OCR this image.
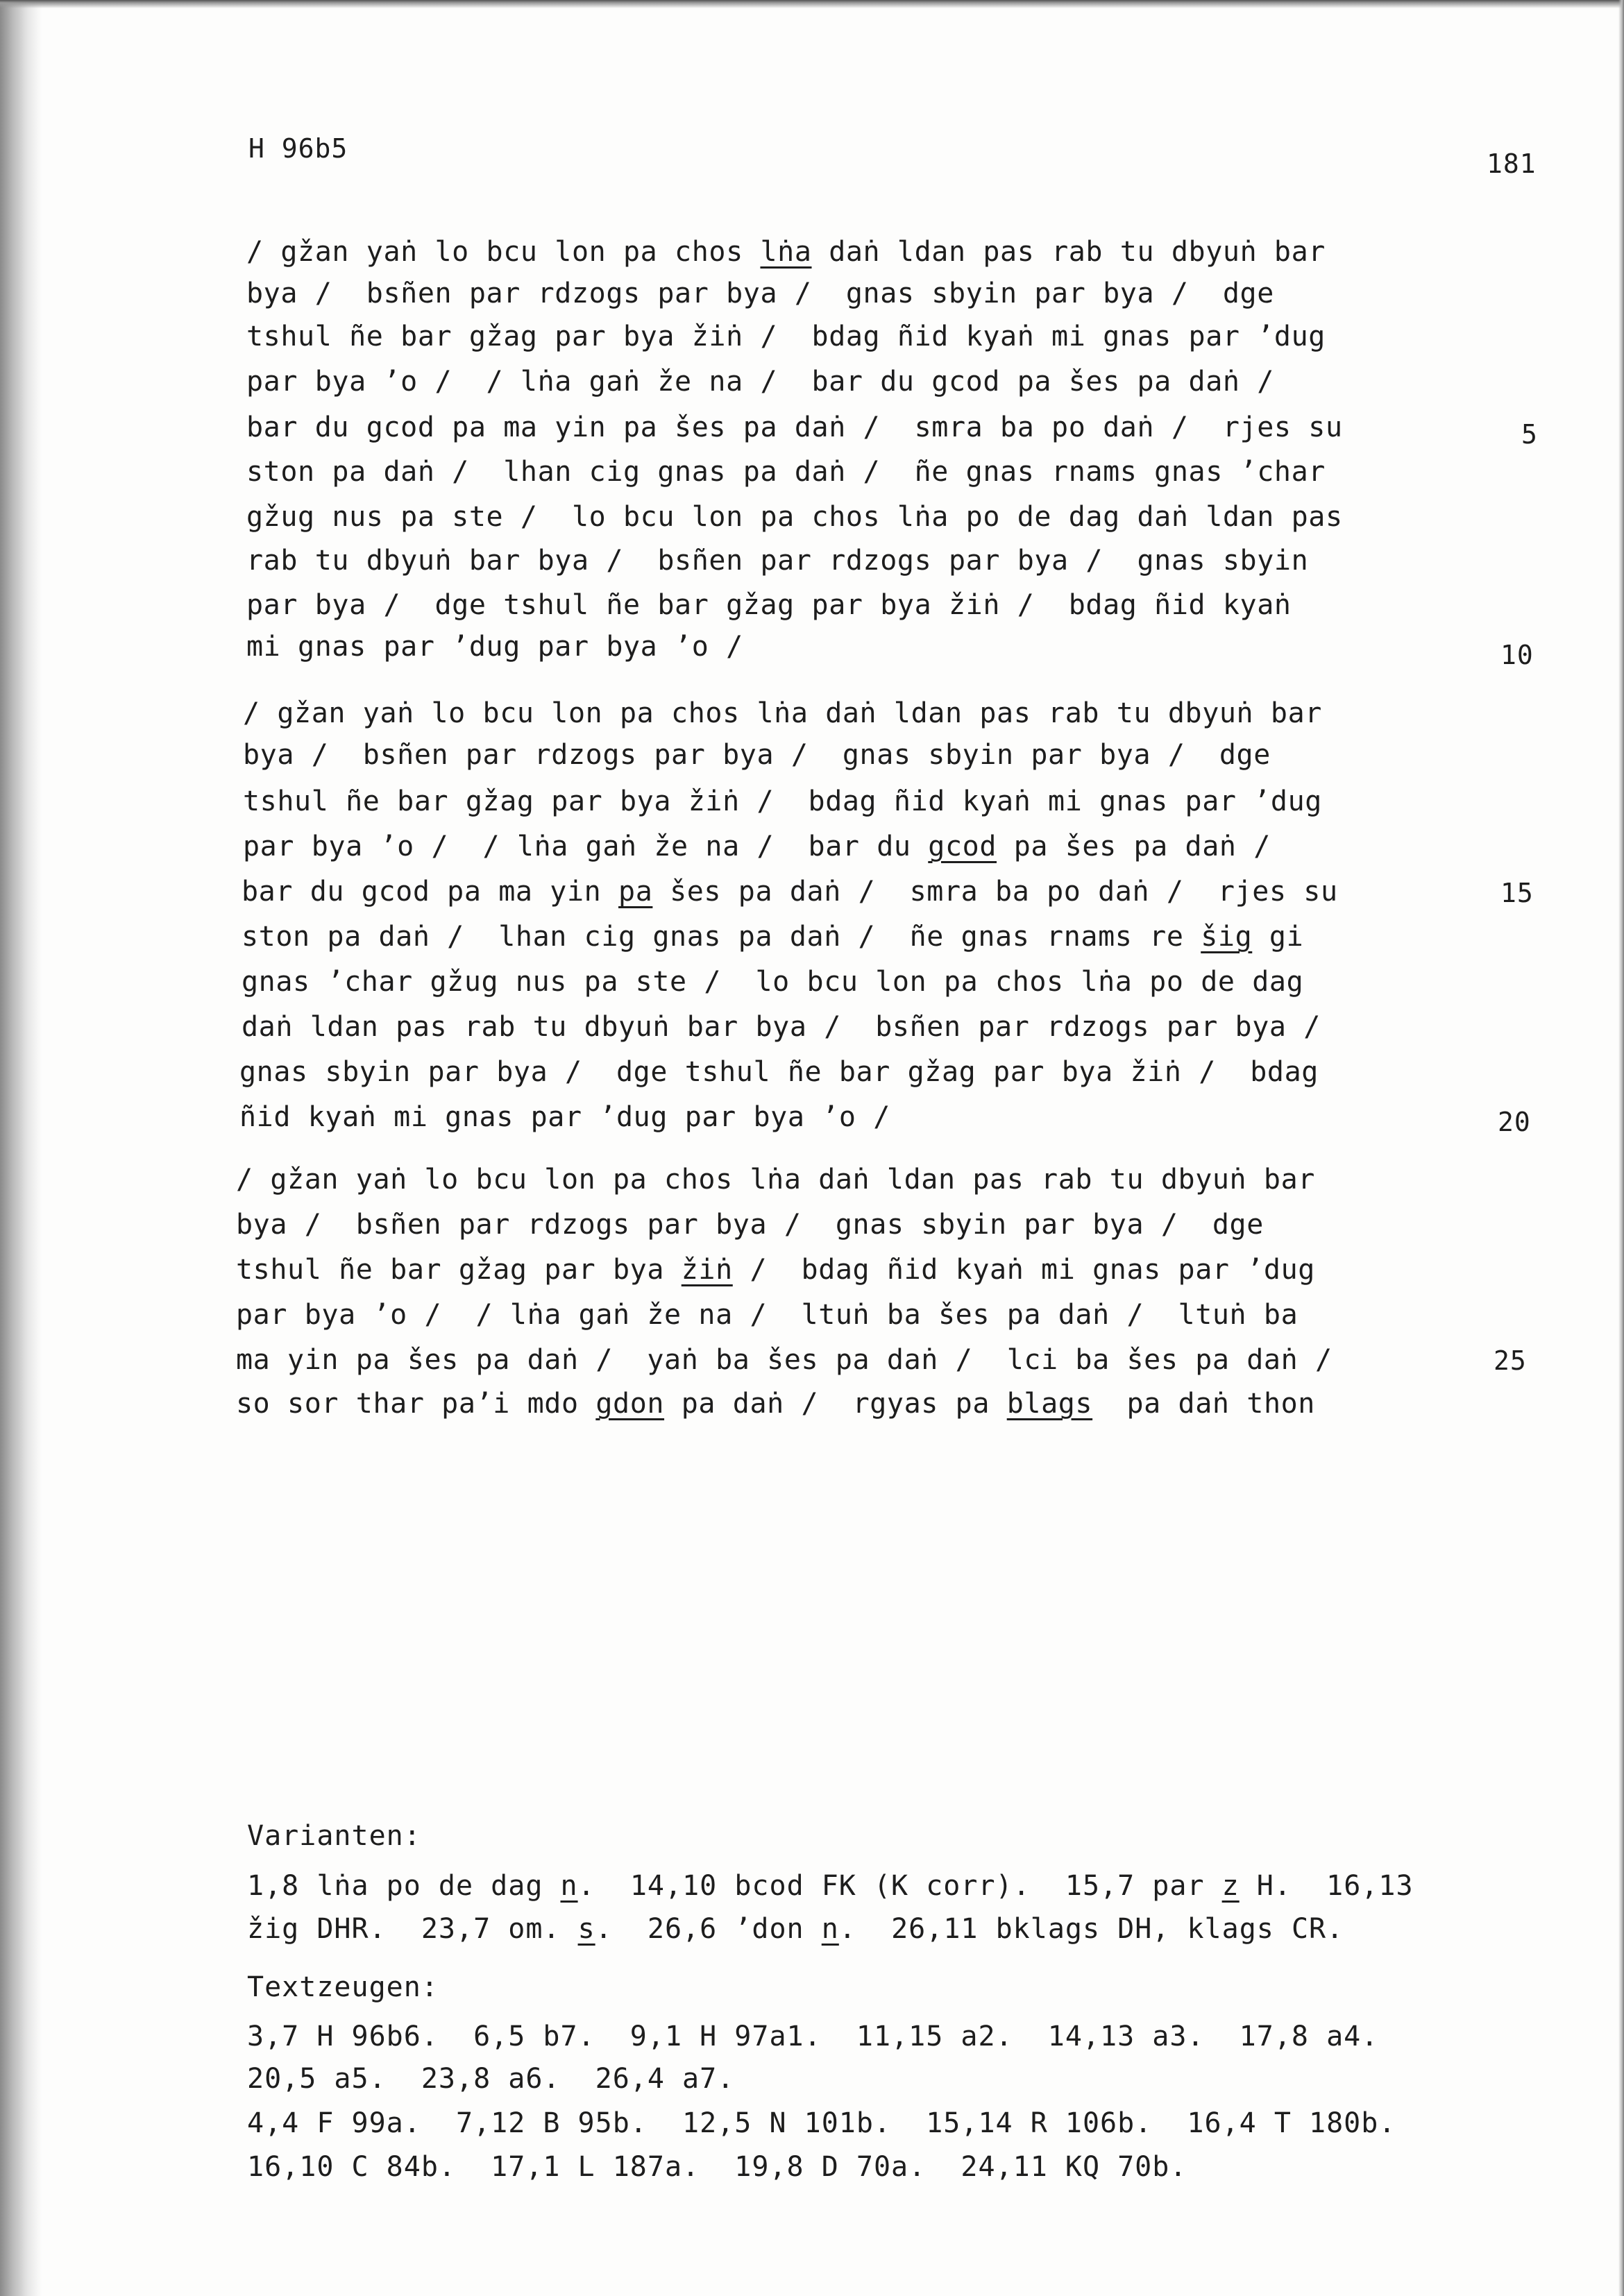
H 96b5	181
/ gžan yaṅ lo bcu lon pa chos lṅa daṅ ldan pas rab tu dbyuṅ bar
bya /  bsñen par rdzogs par bya /  gnas sbyin par bya /  dge
tshul ñe bar gžag par bya žiṅ /  bdag ñid kyaṅ mi gnas par ’dug
par bya ’o /  / lṅa gaṅ že na /  bar du gcod pa šes pa daṅ /
bar du gcod pa ma yin pa šes pa daṅ /  smra ba po daṅ /  rjes su
ston pa daṅ /  lhan cig gnas pa daṅ /  ñe gnas rnams gnas ’char
gžug nus pa ste /  lo bcu lon pa chos lṅa po de dag daṅ ldan pas
rab tu dbyuṅ bar bya /  bsñen par rdzogs par bya /  gnas sbyin
par bya /  dge tshul ñe bar gžag par bya žiṅ /  bdag ñid kyaṅ
mi gnas par ’dug par bya ’o /
/ gžan yaṅ lo bcu lon pa chos lṅa daṅ ldan pas rab tu dbyuṅ bar
bya /  bsñen par rdzogs par bya /  gnas sbyin par bya /  dge
tshul ñe bar gžag par bya žiṅ /  bdag ñid kyaṅ mi gnas par ’dug
par bya ’o /  / lṅa gaṅ že na /  bar du gcod pa šes pa daṅ /
bar du gcod pa ma yin pa šes pa daṅ /  smra ba po daṅ /  rjes su
ston pa daṅ /  lhan cig gnas pa daṅ /  ñe gnas rnams re šig gi
gnas ’char gžug nus pa ste /  lo bcu lon pa chos lṅa po de dag
daṅ ldan pas rab tu dbyuṅ bar bya /  bsñen par rdzogs par bya /
gnas sbyin par bya /  dge tshul ñe bar gžag par bya žiṅ /  bdag
ñid kyaṅ mi gnas par ’dug par bya ’o /
/ gžan yaṅ lo bcu lon pa chos lṅa daṅ ldan pas rab tu dbyuṅ bar
bya /  bsñen par rdzogs par bya /  gnas sbyin par bya /  dge
tshul ñe bar gžag par bya žiṅ /  bdag ñid kyaṅ mi gnas par ’dug
par bya ’o /  / lṅa gaṅ že na /  ltuṅ ba šes pa daṅ /  ltuṅ ba
ma yin pa šes pa daṅ /  yaṅ ba šes pa daṅ /  lci ba šes pa daṅ /
so sor thar pa’i mdo gdon pa daṅ /  rgyas pa blags  pa daṅ thon
5
10
15
20
25
Varianten:
1,8 lṅa po de dag n.  14,10 bcod FK (K corr).  15,7 par z H.  16,13
žig DHR.  23,7 om. s.  26,6 ’don n.  26,11 bklags DH, klags CR.
Textzeugen:
3,7 H 96b6.  6,5 b7.  9,1 H 97a1.  11,15 a2.  14,13 a3.  17,8 a4.
20,5 a5.  23,8 a6.  26,4 a7.
4,4 F 99a.  7,12 B 95b.  12,5 N 101b.  15,14 R 106b.  16,4 T 180b.
16,10 C 84b.  17,1 L 187a.  19,8 D 70a.  24,11 KQ 70b.
